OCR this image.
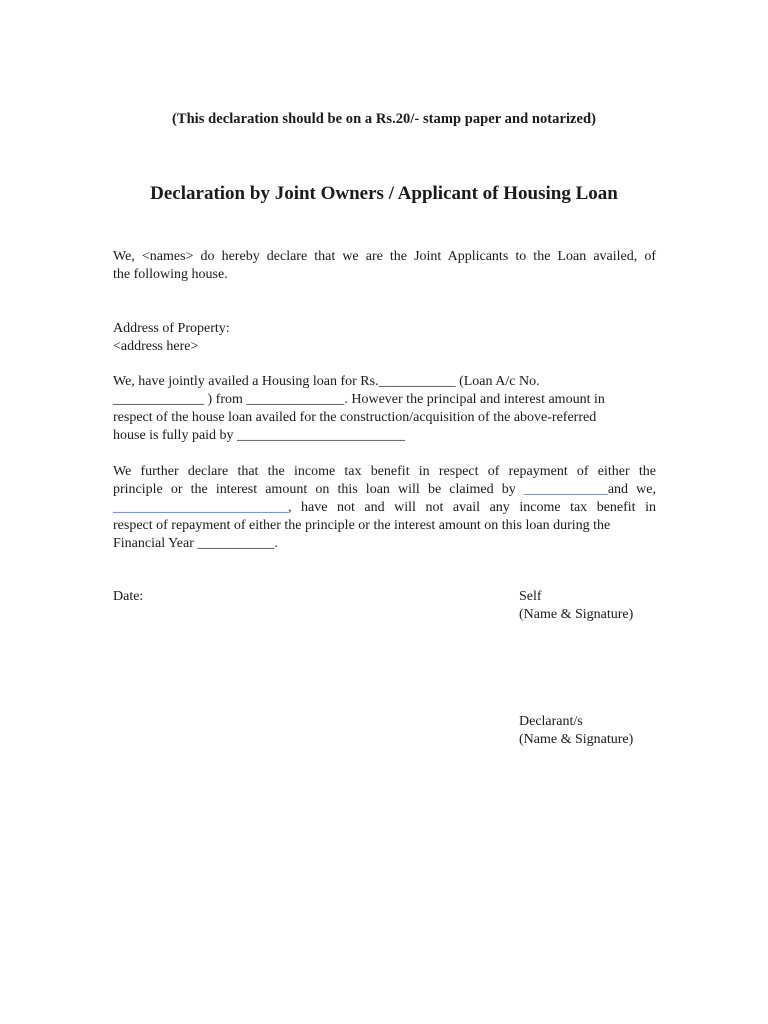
(This declaration should be on a Rs.20/- stamp paper and notarized)
Declaration by Joint Owners / Applicant of Housing Loan
We, <names> do hereby declare that we are the Joint Applicants to the Loan availed, of
the following house.
Address of Property:
<address here>
We, have jointly availed a Housing loan for Rs.___________ (Loan A/c No.
_____________ ) from ______________. However the principal and interest amount in
respect of the house loan availed for the construction/acquisition of the above-referred
house is fully paid by ________________________
We further declare that the income tax benefit in respect of repayment of either the
principle or the interest amount on this loan will be claimed by ____________and we,
_________________________, have not and will not avail any income tax benefit in
respect of repayment of either the principle or the interest amount on this loan during the
Financial Year ___________.
Date:	Self
(Name & Signature)
Declarant/s
(Name & Signature)
